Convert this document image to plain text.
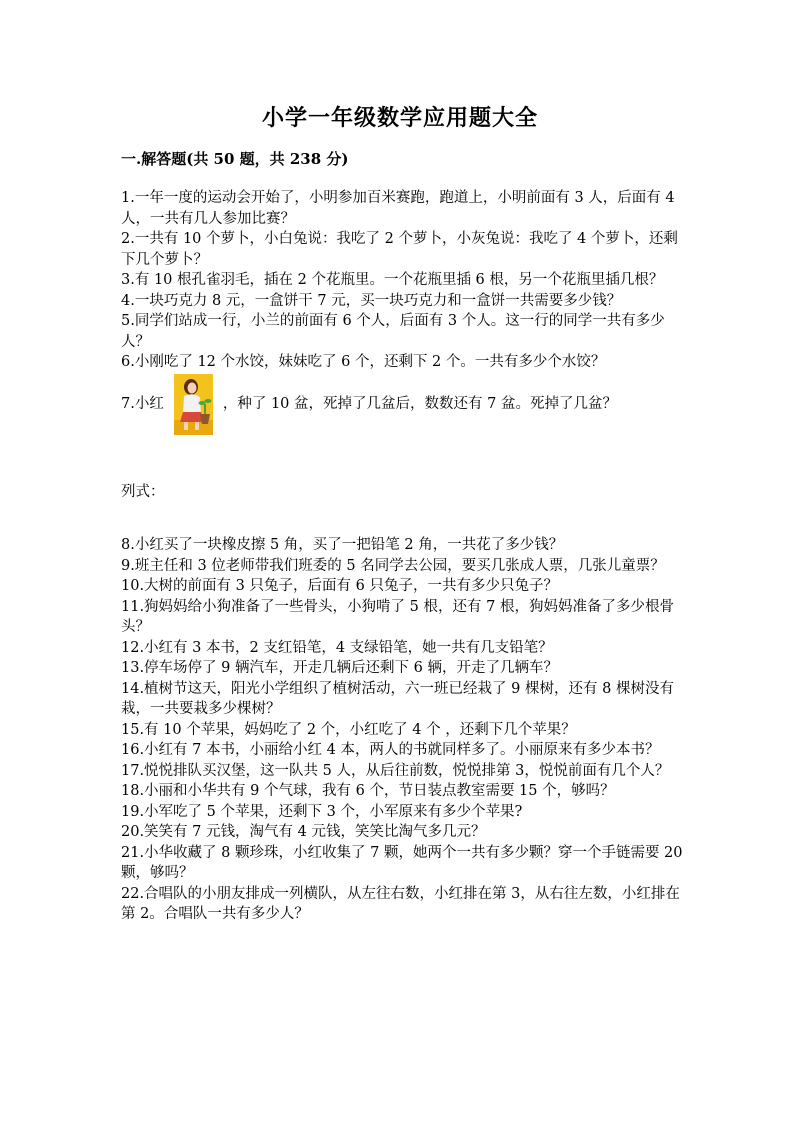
小学一年级数学应用题大全
一.解答题(共 50 题，共 238 分)

1.一年一度的运动会开始了，小明参加百米赛跑，跑道上，小明前面有 3 人，后面有 4 人，一共有几人参加比赛？

2.一共有 10 个萝卜，小白兔说：我吃了 2 个萝卜，小灰兔说：我吃了 4 个萝卜，还剩下几个萝卜？

3.有 10 根孔雀羽毛，插在 2 个花瓶里。一个花瓶里插 6 根，另一个花瓶里插几根？

4.一块巧克力 8 元，一盒饼干 7 元，买一块巧克力和一盒饼一共需要多少钱？

5.同学们站成一行，小兰的前面有 6 个人，后面有 3 个人。这一行的同学一共有多少人？

6.小刚吃了 12 个水饺，妹妹吃了 6 个，还剩下 2 个。一共有多少个水饺？

7.小红	，种了 10 盆，死掉了几盆后，数数还有 7 盆。死掉了几盆？
列式：

8.小红买了一块橡皮擦 5 角，买了一把铅笔 2 角，一共花了多少钱？

9.班主任和 3 位老师带我们班委的 5 名同学去公园，要买几张成人票，几张儿童票？

10.大树的前面有 3 只兔子，后面有 6 只兔子，一共有多少只兔子？

11.狗妈妈给小狗准备了一些骨头，小狗啃了 5 根，还有 7 根，狗妈妈准备了多少根骨头？

12.小红有 3 本书，2 支红铅笔，4 支绿铅笔，她一共有几支铅笔？

13.停车场停了 9 辆汽车，开走几辆后还剩下 6 辆，开走了几辆车？

14.植树节这天，阳光小学组织了植树活动，六一班已经栽了 9 棵树，还有 8 棵树没有栽，一共要栽多少棵树？

15.有 10 个苹果，妈妈吃了 2 个，小红吃了 4 个 ，还剩下几个苹果？

16.小红有 7 本书，小丽给小红 4 本，两人的书就同样多了。小丽原来有多少本书？

17.悦悦排队买汉堡，这一队共 5 人，从后往前数，悦悦排第 3，悦悦前面有几个人？

18.小丽和小华共有 9 个气球，我有 6 个，节日装点教室需要 15 个，够吗？

19.小军吃了 5 个苹果，还剩下 3 个，小军原来有多少个苹果?

20.笑笑有 7 元钱，淘气有 4 元钱，笑笑比淘气多几元？

21.小华收藏了 8 颗珍珠，小红收集了 7 颗，她两个一共有多少颗？穿一个手链需要 20 颗，够吗？

22.合唱队的小朋友排成一列横队，从左往右数，小红排在第 3，从右往左数，小红排在第 2。合唱队一共有多少人？
